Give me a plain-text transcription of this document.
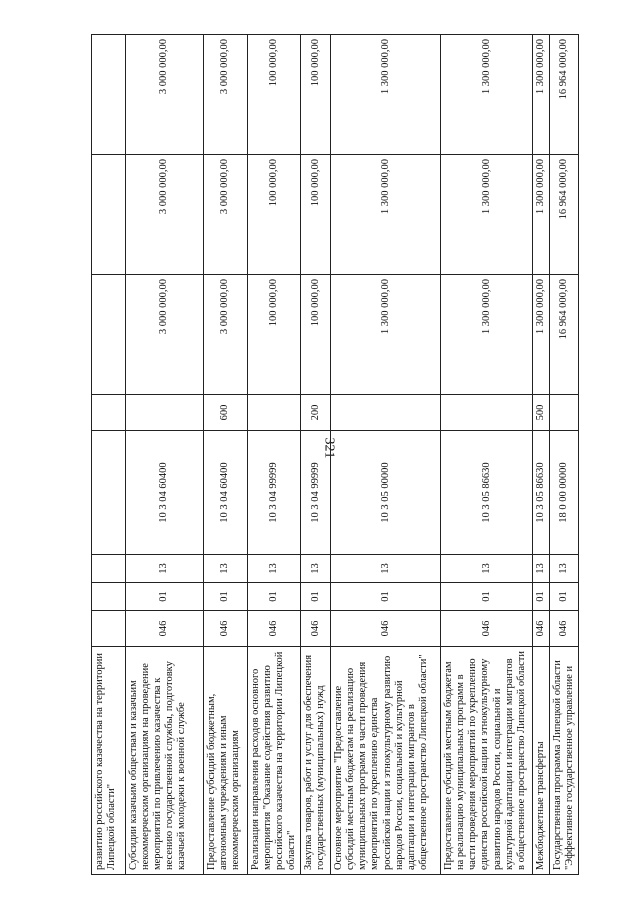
321
развитию российского казачества на территории Липецкой области"								
Субсидии казачьим обществам и казачьим некоммерческим организациям на проведение мероприятий по привлечению казачества к несению государственной службы, подготовку казачьей молодежи к военной службе	046	01	13	10 3 04 60400		3 000 000,00	3 000 000,00	3 000 000,00
Предоставление субсидий бюджетным, автономным учреждениям и иным некоммерческим организациям	046	01	13	10 3 04 60400	600	3 000 000,00	3 000 000,00	3 000 000,00
Реализация направления расходов основного мероприятия "Оказание содействия развитию российского казачества на территории Липецкой области"	046	01	13	10 3 04 99999		100 000,00	100 000,00	100 000,00
Закупка товаров, работ и услуг для обеспечения государственных (муниципальных) нужд	046	01	13	10 3 04 99999	200	100 000,00	100 000,00	100 000,00
Основное мероприятие "Предоставление субсидий местным бюджетам на реализацию муниципальных программ в части проведения мероприятий по укреплению единства российской нации и этнокультурному развитию народов России, социальной и культурной адаптации и интеграции мигрантов в общественное пространство Липецкой области"	046	01	13	10 3 05 00000		1 300 000,00	1 300 000,00	1 300 000,00
Предоставление субсидий местным бюджетам на реализацию муниципальных программ в части проведения мероприятий по укреплению единства российской нации и этнокультурному развитию народов России, социальной и культурной адаптации и интеграции мигрантов в общественное пространство Липецкой области	046	01	13	10 3 05 86630		1 300 000,00	1 300 000,00	1 300 000,00
Межбюджетные трансферты	046	01	13	10 3 05 86630	500	1 300 000,00	1 300 000,00	1 300 000,00
Государственная программа Липецкой области "Эффективное государственное управление и	046	01	13	18 0 00 00000		16 964 000,00	16 964 000,00	16 964 000,00
